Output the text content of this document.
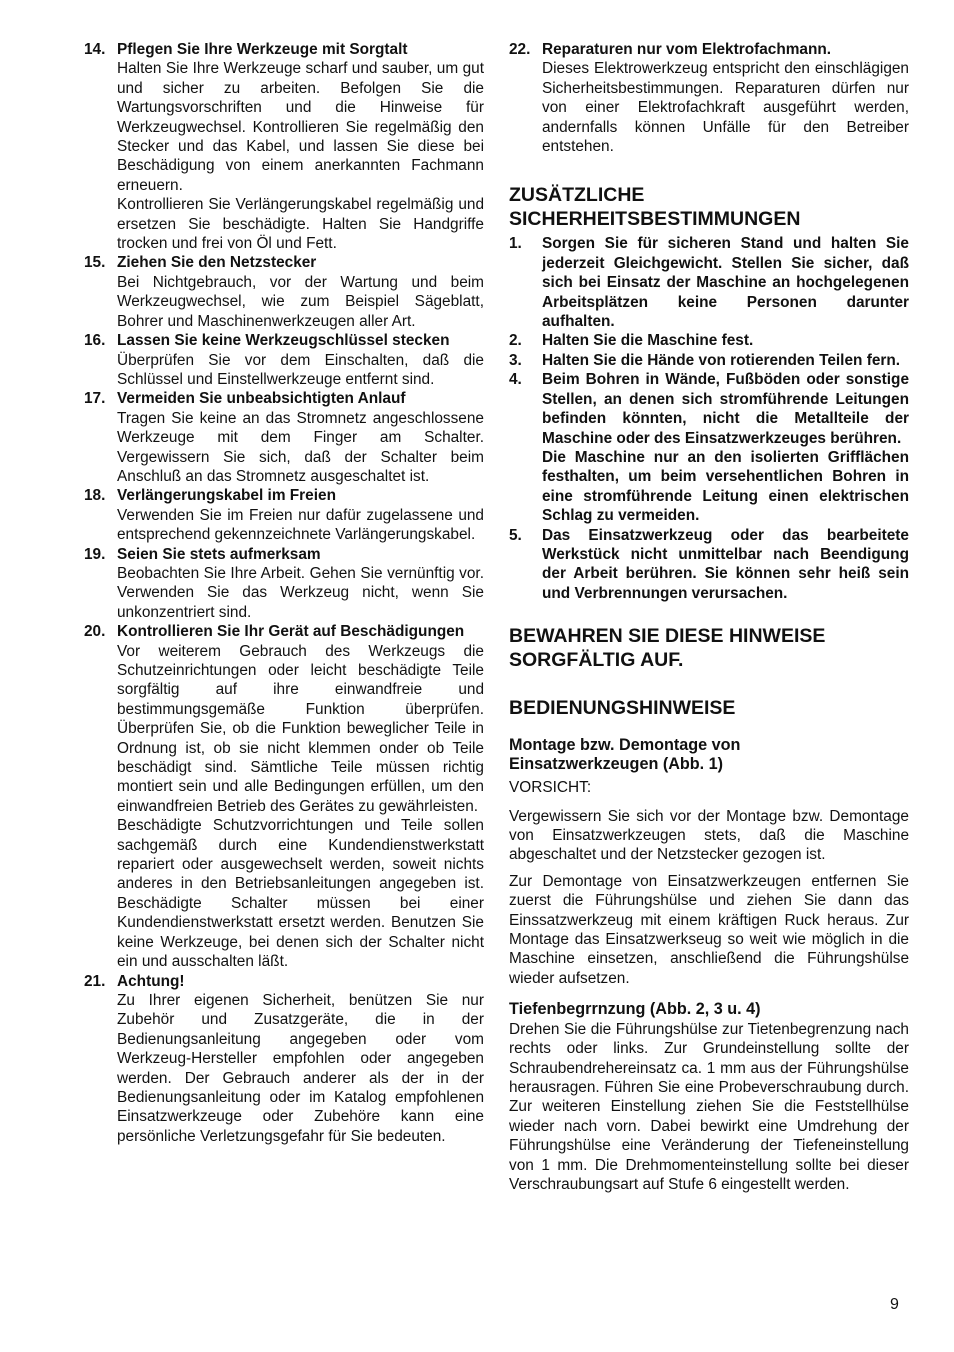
14. Pflegen Sie Ihre Werkzeuge mit Sorgtalt
Halten Sie Ihre Werkzeuge scharf und sauber, um gut und sicher zu arbeiten. Befolgen Sie die Wartungsvorschriften und die Hinweise für Werkzeugwechsel. Kontrollieren Sie regelmäßig den Stecker und das Kabel, und lassen Sie diese bei Beschädigung von einem anerkannten Fachmann erneuern.
Kontrollieren Sie Verlängerungskabel regelmäßig und ersetzen Sie beschädigte. Halten Sie Handgriffe trocken und frei von Öl und Fett.
15. Ziehen Sie den Netzstecker
Bei Nichtgebrauch, vor der Wartung und beim Werkzeugwechsel, wie zum Beispiel Sägeblatt, Bohrer und Maschinenwerkzeugen aller Art.
16. Lassen Sie keine Werkzeugschlüssel stecken
Überprüfen Sie vor dem Einschalten, daß die Schlüssel und Einstellwerkzeuge entfernt sind.
17. Vermeiden Sie unbeabsichtigten Anlauf
Tragen Sie keine an das Stromnetz angeschlossene Werkzeuge mit dem Finger am Schalter. Vergewissern Sie sich, daß der Schalter beim Anschluß an das Stromnetz ausgeschaltet ist.
18. Verlängerungskabel im Freien
Verwenden Sie im Freien nur dafür zugelassene und entsprechend gekennzeichnete Varlängerungskabel.
19. Seien Sie stets aufmerksam
Beobachten Sie Ihre Arbeit. Gehen Sie vernünftig vor. Verwenden Sie das Werkzeug nicht, wenn Sie unkonzentriert sind.
20. Kontrollieren Sie Ihr Gerät auf Beschädigungen
Vor weiterem Gebrauch des Werkzeugs die Schutzeinrichtungen oder leicht beschädigte Teile sorgfältig auf ihre einwandfreie und bestimmungsgemäße Funktion überprüfen. Überprüfen Sie, ob die Funktion beweglicher Teile in Ordnung ist, ob sie nicht klemmen onder ob Teile beschädigt sind. Sämtliche Teile müssen richtig montiert sein und alle Bedingungen erfüllen, um den einwandfreien Betrieb des Gerätes zu gewährleisten.
Beschädigte Schutzvorrichtungen und Teile sollen sachgemäß durch eine Kundendienstwerkstatt repariert oder ausgewechselt werden, soweit nichts anderes in den Betriebsanleitungen angegeben ist. Beschädigte Schalter müssen bei einer Kundendienstwerkstatt ersetzt werden. Benutzen Sie keine Werkzeuge, bei denen sich der Schalter nicht ein und ausschalten läßt.
21. Achtung!
Zu Ihrer eigenen Sicherheit, benützen Sie nur Zubehör und Zusatzgeräte, die in der Bedienungsanleitung angegeben oder vom Werkzeug-Hersteller empfohlen oder angegeben werden. Der Gebrauch anderer als der in der Bedienungsanleitung oder im Katalog empfohlenen Einsatzwerkzeuge oder Zubehöre kann eine persönliche Verletzungsgefahr für Sie bedeuten.
22. Reparaturen nur vom Elektrofachmann.
Dieses Elektrowerkzeug entspricht den einschlägigen Sicherheitsbestimmungen. Reparaturen dürfen nur von einer Elektrofachkraft ausgeführt werden, andernfalls können Unfälle für den Betreiber entstehen.
ZUSÄTZLICHE SICHERHEITSBESTIMMUNGEN
1. Sorgen Sie für sicheren Stand und halten Sie jederzeit Gleichgewicht. Stellen Sie sicher, daß sich bei Einsatz der Maschine an hochgelegenen Arbeitsplätzen keine Personen darunter aufhalten.
2. Halten Sie die Maschine fest.
3. Halten Sie die Hände von rotierenden Teilen fern.
4. Beim Bohren in Wände, Fußböden oder sonstige Stellen, an denen sich stromführende Leitungen befinden könnten, nicht die Metallteile der Maschine oder des Einsatzwerkzeuges berühren.
Die Maschine nur an den isolierten Grifflächen festhalten, um beim versehentlichen Bohren in eine stromführende Leitung einen elektrischen Schlag zu vermeiden.
5. Das Einsatzwerkzeug oder das bearbeitete Werkstück nicht unmittelbar nach Beendigung der Arbeit berühren. Sie können sehr heiß sein und Verbrennungen verursachen.
BEWAHREN SIE DIESE HINWEISE SORGFÄLTIG AUF.
BEDIENUNGSHINWEISE
Montage bzw. Demontage von Einsatzwerkzeugen (Abb. 1)
VORSICHT:
Vergewissern Sie sich vor der Montage bzw. Demontage von Einsatzwerkzeugen stets, daß die Maschine abgeschaltet und der Netzstecker gezogen ist.
Zur Demontage von Einsatzwerkzeugen entfernen Sie zuerst die Führungshülse und ziehen Sie dann das Einssatzwerkzeug mit einem kräftigen Ruck heraus. Zur Montage das Einsatzwerkseug so weit wie möglich in die Maschine einsetzen, anschließend die Führungshülse wieder aufsetzen.
Tiefenbegrrnzung (Abb. 2, 3 u. 4)
Drehen Sie die Führungshülse zur Tietenbegrenzung nach rechts oder links. Zur Grundeinstellung sollte der Schraubendrehereinsatz ca. 1 mm aus der Führungshülse herausragen. Führen Sie eine Probeverschraubung durch. Zur weiteren Einstellung ziehen Sie die Feststellhülse wieder nach vorn. Dabei bewirkt eine Umdrehung der Führungshülse eine Veränderung der Tiefeneinstellung von 1 mm. Die Drehmomenteinstellung sollte bei dieser Verschraubungsart auf Stufe 6 eingestellt werden.
9
